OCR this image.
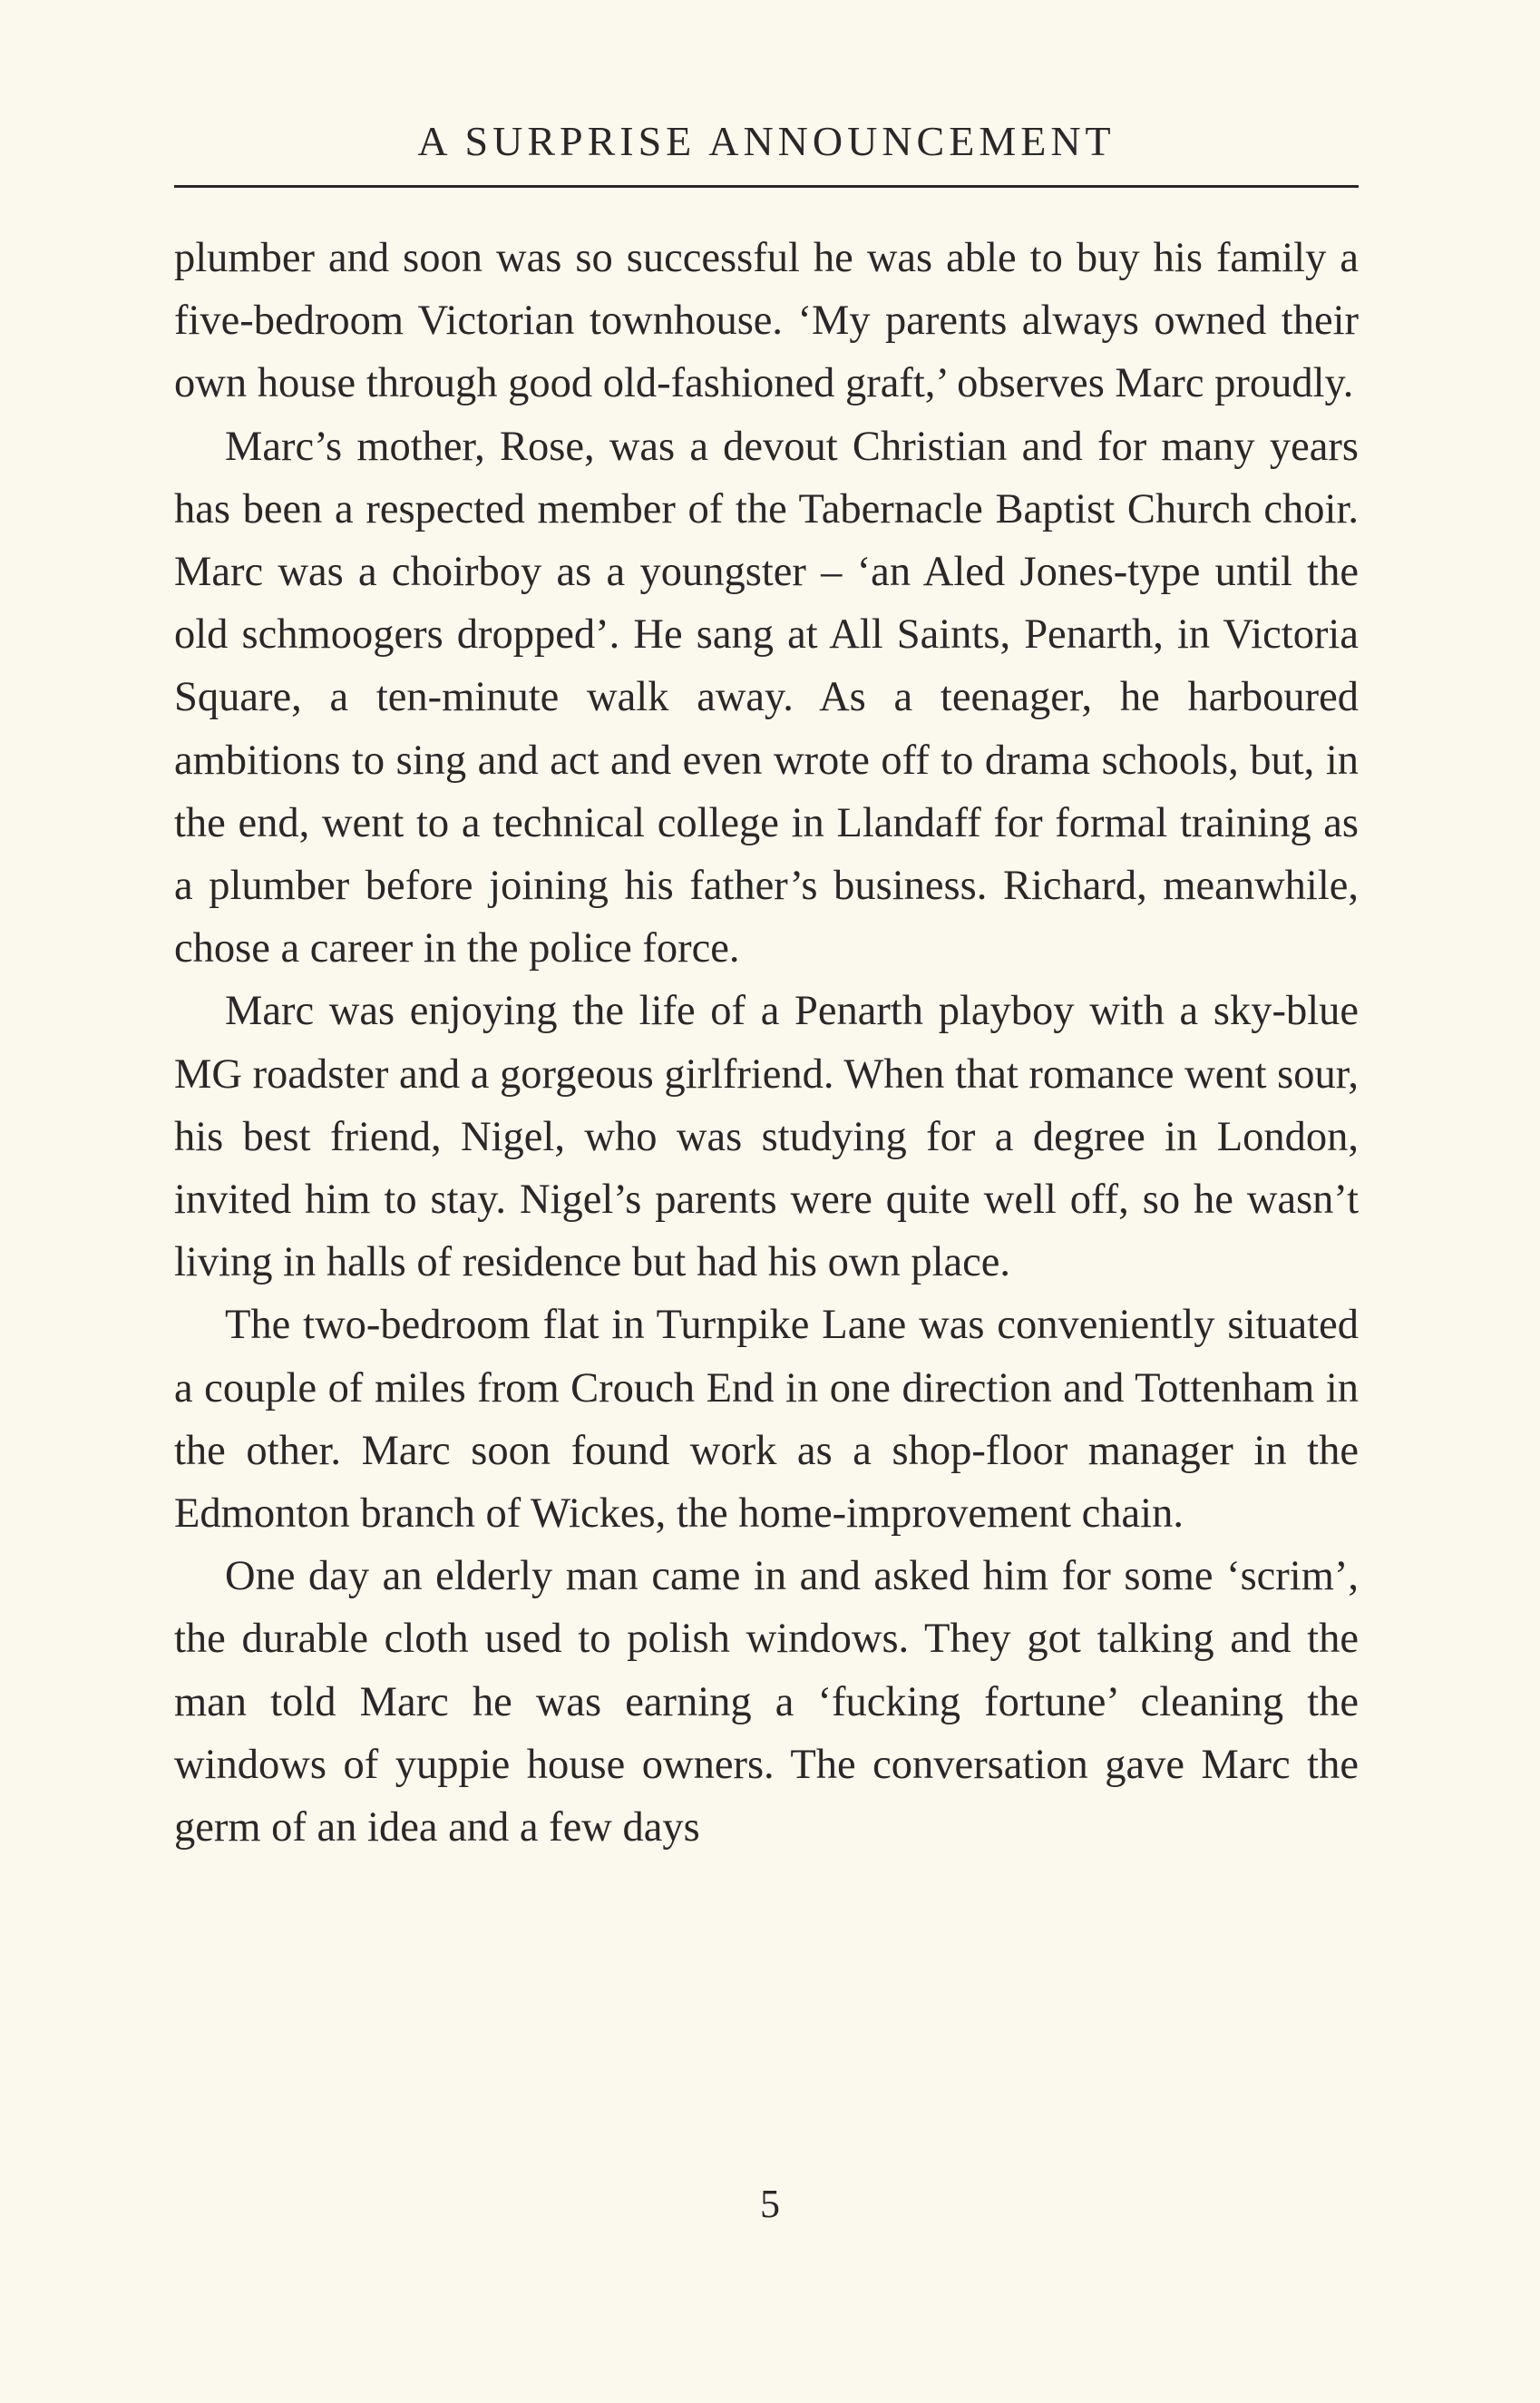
A SURPRISE ANNOUNCEMENT

plumber and soon was so successful he was able to buy his family a five-bedroom Victorian townhouse. ‘My parents always owned their own house through good old-fashioned graft,’ observes Marc proudly.

Marc’s mother, Rose, was a devout Christian and for many years has been a respected member of the Tabernacle Baptist Church choir. Marc was a choirboy as a youngster – ‘an Aled Jones-type until the old schmoogers dropped’. He sang at All Saints, Penarth, in Victoria Square, a ten-minute walk away. As a teenager, he harboured ambitions to sing and act and even wrote off to drama schools, but, in the end, went to a technical college in Llandaff for formal training as a plumber before joining his father’s business. Richard, meanwhile, chose a career in the police force.

Marc was enjoying the life of a Penarth playboy with a sky-blue MG roadster and a gorgeous girlfriend. When that romance went sour, his best friend, Nigel, who was studying for a degree in London, invited him to stay. Nigel’s parents were quite well off, so he wasn’t living in halls of residence but had his own place.

The two-bedroom flat in Turnpike Lane was conveniently situated a couple of miles from Crouch End in one direction and Tottenham in the other. Marc soon found work as a shop-floor manager in the Edmonton branch of Wickes, the home-improvement chain.

One day an elderly man came in and asked him for some ‘scrim’, the durable cloth used to polish windows. They got talking and the man told Marc he was earning a ‘fucking fortune’ cleaning the windows of yuppie house owners. The conversation gave Marc the germ of an idea and a few days

5
